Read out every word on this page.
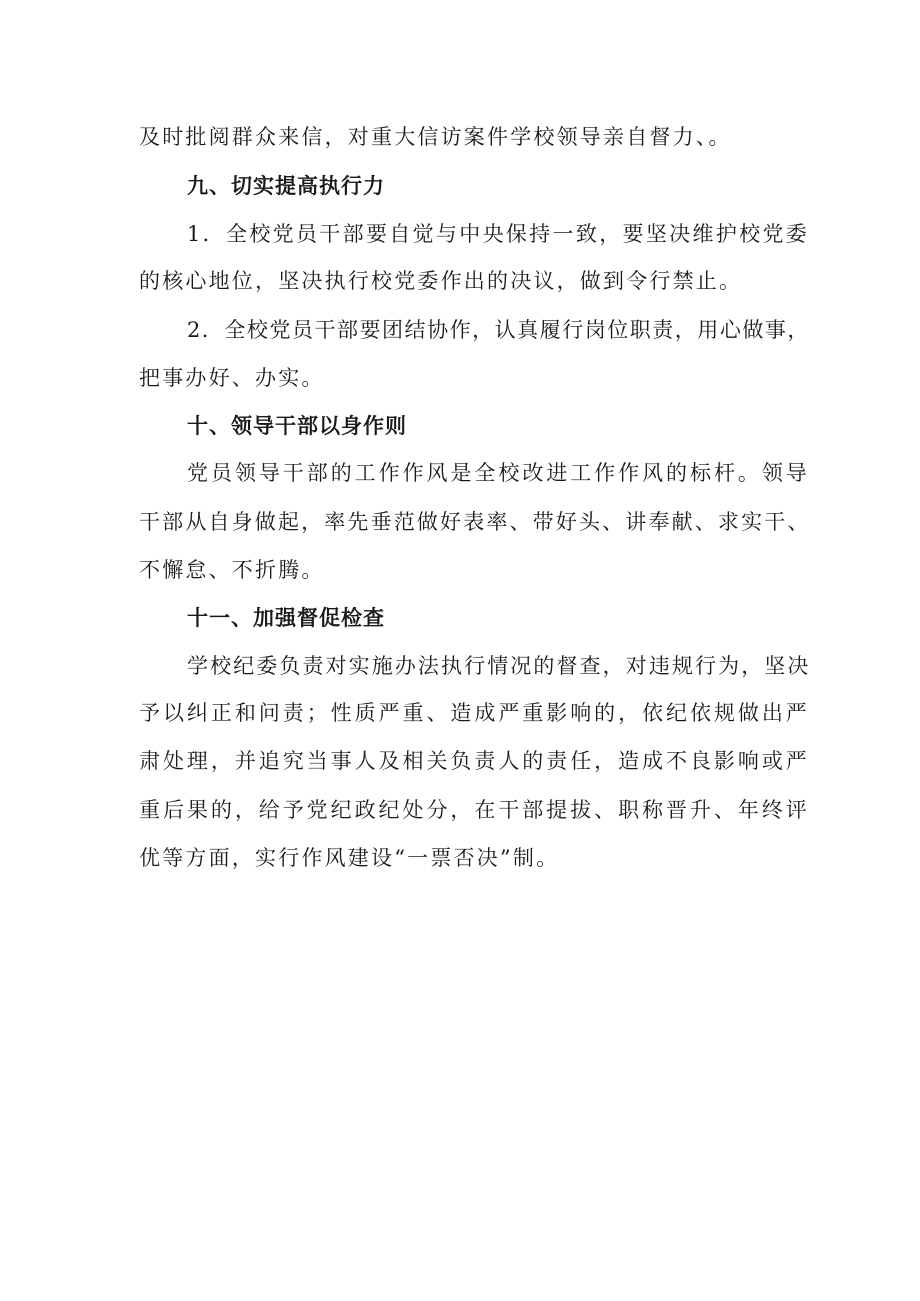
及时批阅群众来信，对重大信访案件学校领导亲自督力、。
九、切实提高执行力
1．全校党员干部要自觉与中央保持一致，要坚决维护校党委
的核心地位，坚决执行校党委作出的决议，做到令行禁止。
2．全校党员干部要团结协作，认真履行岗位职责，用心做事，
把事办好、办实。
十、领导干部以身作则
党员领导干部的工作作风是全校改进工作作风的标杆。领导
干部从自身做起，率先垂范做好表率、带好头、讲奉献、求实干、
不懈怠、不折腾。
十一、加强督促检查
学校纪委负责对实施办法执行情况的督查，对违规行为，坚决
予以纠正和问责；性质严重、造成严重影响的，依纪依规做出严
肃处理，并追究当事人及相关负责人的责任，造成不良影响或严
重后果的，给予党纪政纪处分，在干部提拔、职称晋升、年终评
优等方面，实行作风建设“一票否决”制。
